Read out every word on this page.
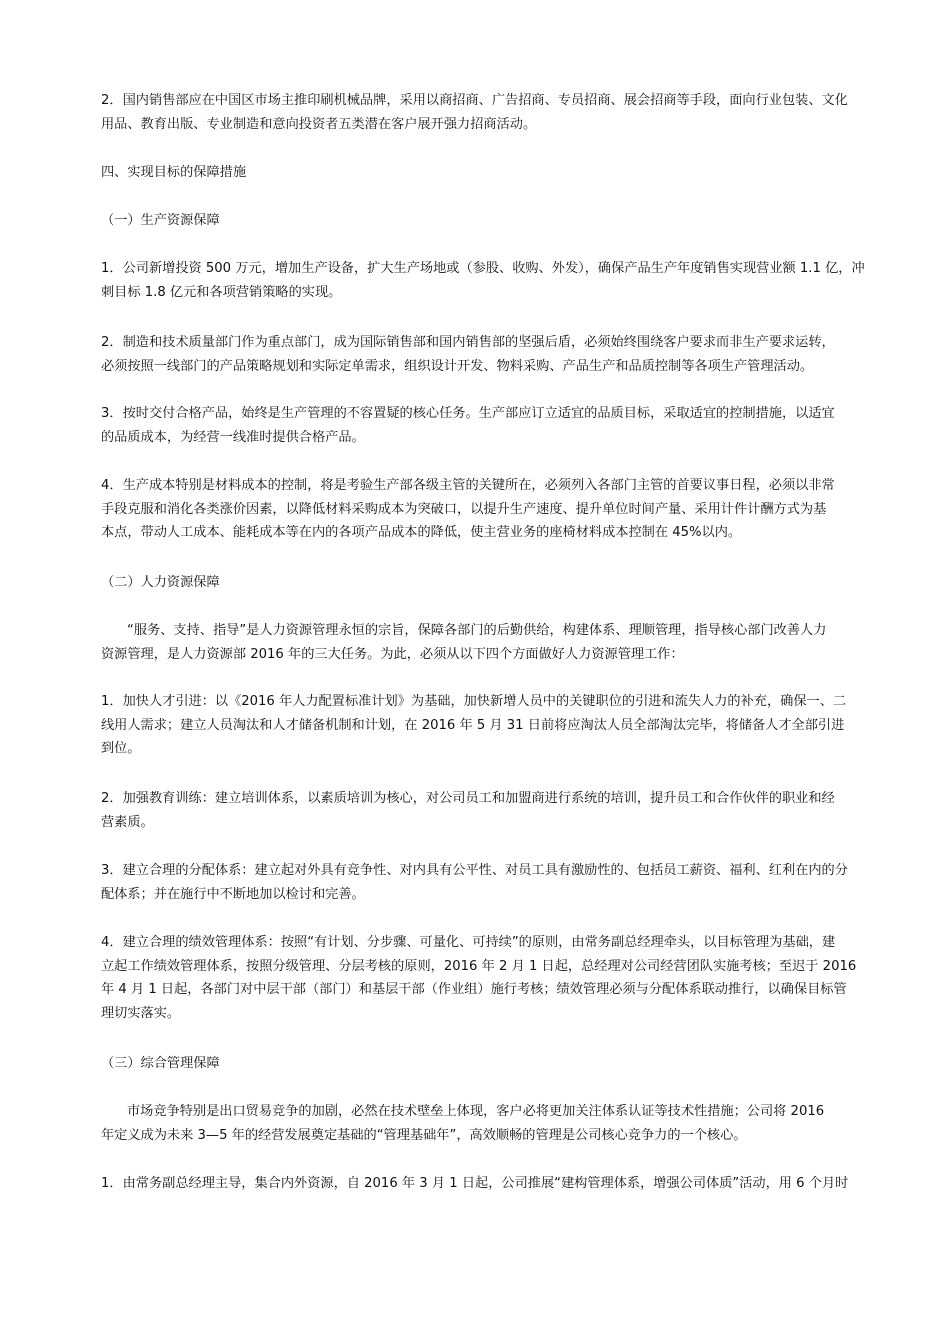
2．国内销售部应在中国区市场主推印刷机械品牌，采用以商招商、广告招商、专员招商、展会招商等手段，面向行业包装、文化
用品、教育出版、专业制造和意向投资者五类潜在客户展开强力招商活动。
四、实现目标的保障措施
（一）生产资源保障
1．公司新增投资 500 万元，增加生产设备，扩大生产场地或（参股、收购、外发），确保产品生产年度销售实现营业额 1.1 亿，冲
刺目标 1.8 亿元和各项营销策略的实现。
2．制造和技术质量部门作为重点部门，成为国际销售部和国内销售部的坚强后盾，必须始终围绕客户要求而非生产要求运转，
必须按照一线部门的产品策略规划和实际定单需求，组织设计开发、物料采购、产品生产和品质控制等各项生产管理活动。
3．按时交付合格产品，始终是生产管理的不容置疑的核心任务。生产部应订立适宜的品质目标，采取适宜的控制措施，以适宜
的品质成本，为经营一线准时提供合格产品。
4．生产成本特别是材料成本的控制，将是考验生产部各级主管的关键所在，必须列入各部门主管的首要议事日程，必须以非常
手段克服和消化各类涨价因素，以降低材料采购成本为突破口，以提升生产速度、提升单位时间产量、采用计件计酬方式为基
本点，带动人工成本、能耗成本等在内的各项产品成本的降低，使主营业务的座椅材料成本控制在 45%以内。
（二）人力资源保障
“服务、支持、指导”是人力资源管理永恒的宗旨，保障各部门的后勤供给，构建体系、理顺管理，指导核心部门改善人力
资源管理，是人力资源部 2016 年的三大任务。为此，必须从以下四个方面做好人力资源管理工作：
1．加快人才引进：以《2016 年人力配置标准计划》为基础，加快新增人员中的关键职位的引进和流失人力的补充，确保一、二
线用人需求；建立人员淘汰和人才储备机制和计划，在 2016 年 5 月 31 日前将应淘汰人员全部淘汰完毕，将储备人才全部引进
到位。
2．加强教育训练：建立培训体系，以素质培训为核心，对公司员工和加盟商进行系统的培训，提升员工和合作伙伴的职业和经
营素质。
3．建立合理的分配体系：建立起对外具有竞争性、对内具有公平性、对员工具有激励性的、包括员工薪资、福利、红利在内的分
配体系；并在施行中不断地加以检讨和完善。
4．建立合理的绩效管理体系：按照“有计划、分步骤、可量化、可持续”的原则，由常务副总经理牵头，以目标管理为基础，建
立起工作绩效管理体系，按照分级管理、分层考核的原则，2016 年 2 月 1 日起，总经理对公司经营团队实施考核；至迟于 2016
年 4 月 1 日起，各部门对中层干部（部门）和基层干部（作业组）施行考核；绩效管理必须与分配体系联动推行，以确保目标管
理切实落实。
（三）综合管理保障
市场竞争特别是出口贸易竞争的加剧，必然在技术壁垒上体现，客户必将更加关注体系认证等技术性措施；公司将 2016
年定义成为未来 3—5 年的经营发展奠定基础的“管理基础年”，高效顺畅的管理是公司核心竞争力的一个核心。
1．由常务副总经理主导，集合内外资源，自 2016 年 3 月 1 日起，公司推展“建构管理体系，增强公司体质”活动，用 6 个月时
